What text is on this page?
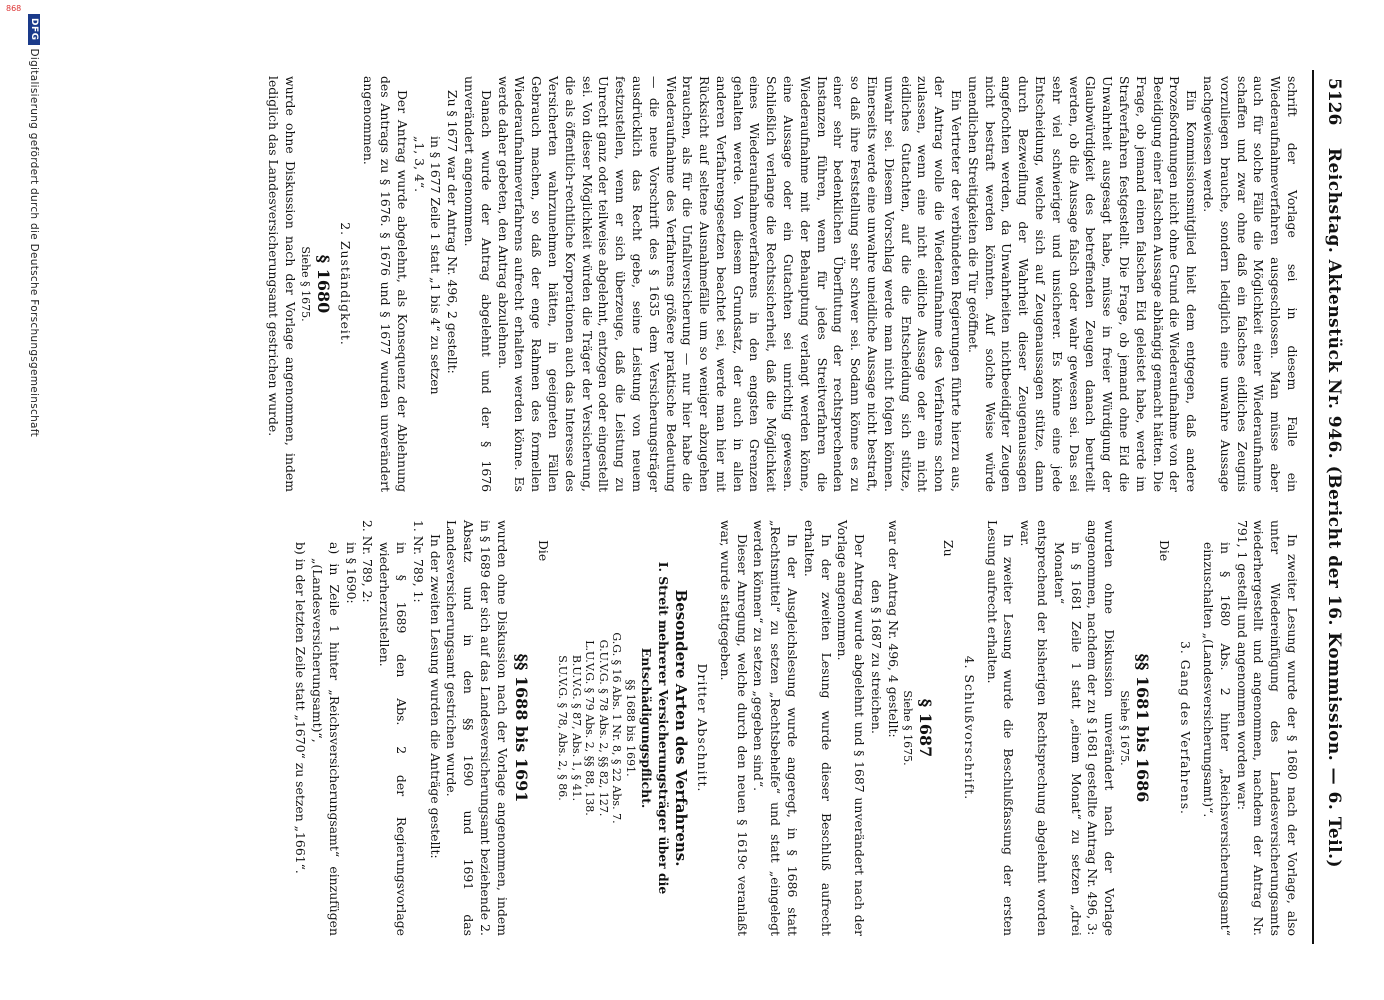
868
5126
Reichstag. Aktenstück Nr. 946. (Bericht der 16. Kommission. — 6. Teil.)

schrift der Vorlage sei in diesem Falle ein Wiederaufnahmeverfahren ausgeschlossen. Man müsse aber auch für solche Fälle die Möglichkeit einer Wiederaufnahme schaffen und zwar ohne daß ein falsches eidliches Zeugnis vorzuliegen brauche, sondern lediglich eine unwahre Aussage nachgewiesen werde.

Ein Kommissionsmitglied hielt dem entgegen, daß andere Prozeßordnungen nicht ohne Grund die Wiederaufnahme von der Beeidigung einer falschen Aussage abhängig gemacht hätten. Die Frage, ob jemand einen falschen Eid geleistet habe, werde im Strafverfahren festgestellt. Die Frage, ob jemand ohne Eid die Unwahrheit ausgesagt habe, müsse in freier Würdigung der Glaubwürdigkeit des betreffenden Zeugen danach beurteilt werden, ob die Aussage falsch oder wahr gewesen sei. Das sei sehr viel schwieriger und unsicherer. Es könne eine jede Entscheidung, welche sich auf Zeugenaussagen stütze, dann durch Bezweiflung der Wahrheit dieser Zeugenaussagen angefochten werden, da Unwahrheiten nichtbeeidigter Zeugen nicht bestraft werden könnten. Auf solche Weise würde unendlichen Streitigkeiten die Tür geöffnet.

Ein Vertreter der verbündeten Regierungen führte hierzu aus, der Antrag wolle die Wiederaufnahme des Verfahrens schon zulassen, wenn eine nicht eidliche Aussage oder ein nicht eidliches Gutachten, auf die die Entscheidung sich stütze, unwahr sei. Diesem Vorschlag werde man nicht folgen können. Einerseits werde eine unwahre uneidliche Aussage nicht bestraft, so daß ihre Feststellung sehr schwer sei. Sodann könne es zu einer sehr bedenklichen Überflutung der rechtsprechenden Instanzen führen, wenn für jedes Streitverfahren die Wiederaufnahme mit der Behauptung verlangt werden könne, eine Aussage oder ein Gutachten sei unrichtig gewesen. Schließlich verlange die Rechtssicherheit, daß die Möglichkeit eines Wiederaufnahmeverfahrens in den engsten Grenzen gehalten werde. Von diesem Grundsatz, der auch in allen anderen Verfahrensgesetzen beachtet sei, werde man hier mit Rücksicht auf seltene Ausnahmefälle um so weniger abzugehen brauchen, als für die Unfallversicherung — nur hier habe die Wiederaufnahme des Verfahrens größere praktische Bedeutung — die neue Vorschrift des § 1635 dem Versicherungsträger ausdrücklich das Recht gebe, seine Leistung von neuem festzustellen, wenn er sich überzeuge, daß die Leistung zu Unrecht ganz oder teilweise abgelehnt, entzogen oder eingestellt sei. Von dieser Möglichkeit würden die Träger der Versicherung, die als öffentlich-rechtliche Korporationen auch das Interesse des Versicherten wahrzunehmen hätten, in geeigneten Fällen Gebrauch machen, so daß der enge Rahmen des formellen Wiederaufnahmeverfahrens aufrecht erhalten werden könne. Es werde daher gebeten, den Antrag abzulehnen.

Danach wurde der Antrag abgelehnt und der § 1676 unverändert angenommen.

Zu § 1677 war der Antrag Nr. 496, 2 gestellt:

in § 1677 Zeile 1 statt „1 bis 4“ zu setzen

„1, 3, 4“.

Der Antrag wurde abgelehnt, als Konsequenz der Ablehnung des Antrags zu § 1676. § 1676 und § 1677 wurden unverändert angenommen.

2. Zuständigkeit.
§ 1680
Siehe § 1675.

wurde ohne Diskussion nach der Vorlage angenommen, indem lediglich das Landesversicherungsamt gestrichen wurde.

In zweiter Lesung wurde der § 1680 nach der Vorlage, also unter Wiedereinfügung des Landesversicherungsamts wiederhergestellt und angenommen, nachdem der Antrag Nr. 791, 1 gestellt und angenommen worden war:

in § 1680 Abs. 2 hinter „Reichsversicherungsamt“ einzuschalten „(Landesversicherungsamt)“.

3. Gang des Verfahrens.
Die
§§ 1681 bis 1686
Siehe § 1675.

wurden ohne Diskussion unverändert nach der Vorlage angenommen, nachdem der zu § 1681 gestellte Antrag Nr. 496, 3:

in § 1681 Zeile 1 statt „einem Monat“ zu setzen „drei Monaten“

entsprechend der bisherigen Rechtsprechung abgelehnt worden war.

In zweiter Lesung wurde die Beschlußfassung der ersten Lesung aufrecht erhalten.

4. Schlußvorschrift.
Zu
§ 1687
Siehe § 1675.

war der Antrag Nr. 496, 4 gestellt:

den § 1687 zu streichen.

Der Antrag wurde abgelehnt und § 1687 unverändert nach der Vorlage angenommen.

In der zweiten Lesung wurde dieser Beschluß aufrecht erhalten.

In der Ausgleichslesung wurde angeregt, in § 1686 statt „Rechtsmittel“ zu setzen „Rechtsbehelfe“ und statt „eingelegt werden können“ zu setzen „gegeben sind“.

Dieser Anregung, welche durch den neuen § 1619c veranlaßt war, wurde stattgegeben.

Dritter Abschnitt.
Besondere Arten des Verfahrens.

I. Streit mehrerer Versicherungsträger über die Entschädigungspflicht.

§§ 1688 bis 1691.
G.G. § 16 Abs. 1 Nr. 8, § 22 Abs. 7.
G.U.V.G. § 78 Abs. 2, §§ 82, 127.
L.U.V.G. § 79 Abs. 2, §§ 88, 138.
B.U.V.G. § 87, Abs. 1, § 41.
S.U.V.G. § 78, Abs. 2, § 86.
Die
§§ 1688 bis 1691

wurden ohne Diskussion nach der Vorlage angenommen, indem in § 1689 der sich auf das Landesversicherungsamt beziehende 2. Absatz und in den §§ 1690 und 1691 das Landesversicherungsamt gestrichen wurde.

In der zweiten Lesung wurden die Anträge gestellt:

1. Nr. 789, 1:

in § 1689 den Abs. 2 der Regierungsvorlage wiederherzustellen.

2. Nr. 789, 2:

in § 1690:

a) in Zeile 1 hinter „Reichsversicherungsamt“ einzufügen „(Landesversicherungsamt)“,

b) in der letzten Zeile statt „1670“ zu setzen „1661“.

DFG
Digitalisierung gefördert durch die Deutsche Forschungsgemeinschaft
